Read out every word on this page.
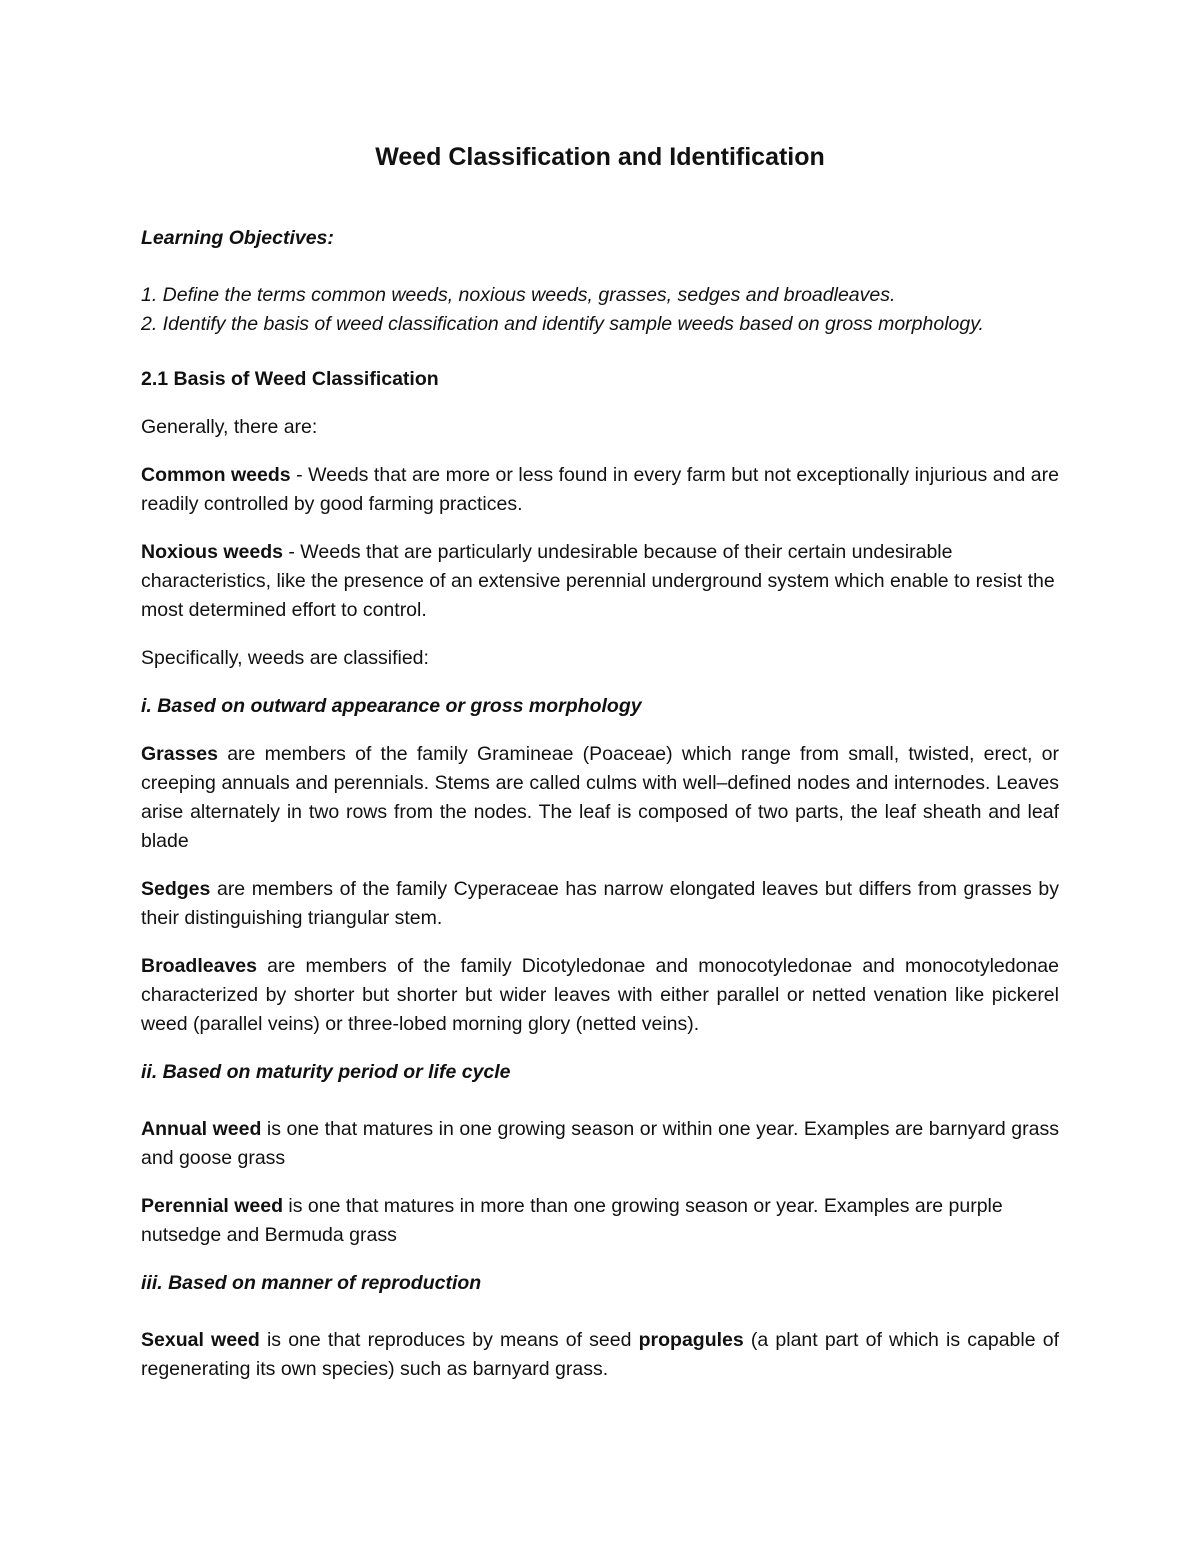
Weed Classification and Identification

Learning Objectives:

1. Define the terms common weeds, noxious weeds, grasses, sedges and broadleaves.
2. Identify the basis of weed classification and identify sample weeds based on gross morphology.

2.1 Basis of Weed Classification

Generally, there are:

Common weeds - Weeds that are more or less found in every farm but not exceptionally injurious and are readily controlled by good farming practices.

Noxious weeds - Weeds that are particularly undesirable because of their certain undesirable characteristics, like the presence of an extensive perennial underground system which enable to resist the most determined effort to control.

Specifically, weeds are classified:

i. Based on outward appearance or gross morphology

Grasses are members of the family Gramineae (Poaceae) which range from small, twisted, erect, or creeping annuals and perennials. Stems are called culms with well–defined nodes and internodes. Leaves arise alternately in two rows from the nodes. The leaf is composed of two parts, the leaf sheath and leaf blade

Sedges are members of the family Cyperaceae has narrow elongated leaves but differs from grasses by their distinguishing triangular stem.

Broadleaves are members of the family Dicotyledonae and monocotyledonae and monocotyledonae characterized by shorter but shorter but wider leaves with either parallel or netted venation like pickerel weed (parallel veins) or three-lobed morning glory (netted veins).

ii. Based on maturity period or life cycle

Annual weed is one that matures in one growing season or within one year. Examples are barnyard grass and goose grass

Perennial weed is one that matures in more than one growing season or year. Examples are purple nutsedge and Bermuda grass

iii. Based on manner of reproduction

Sexual weed is one that reproduces by means of seed propagules (a plant part of which is capable of regenerating its own species) such as barnyard grass.
